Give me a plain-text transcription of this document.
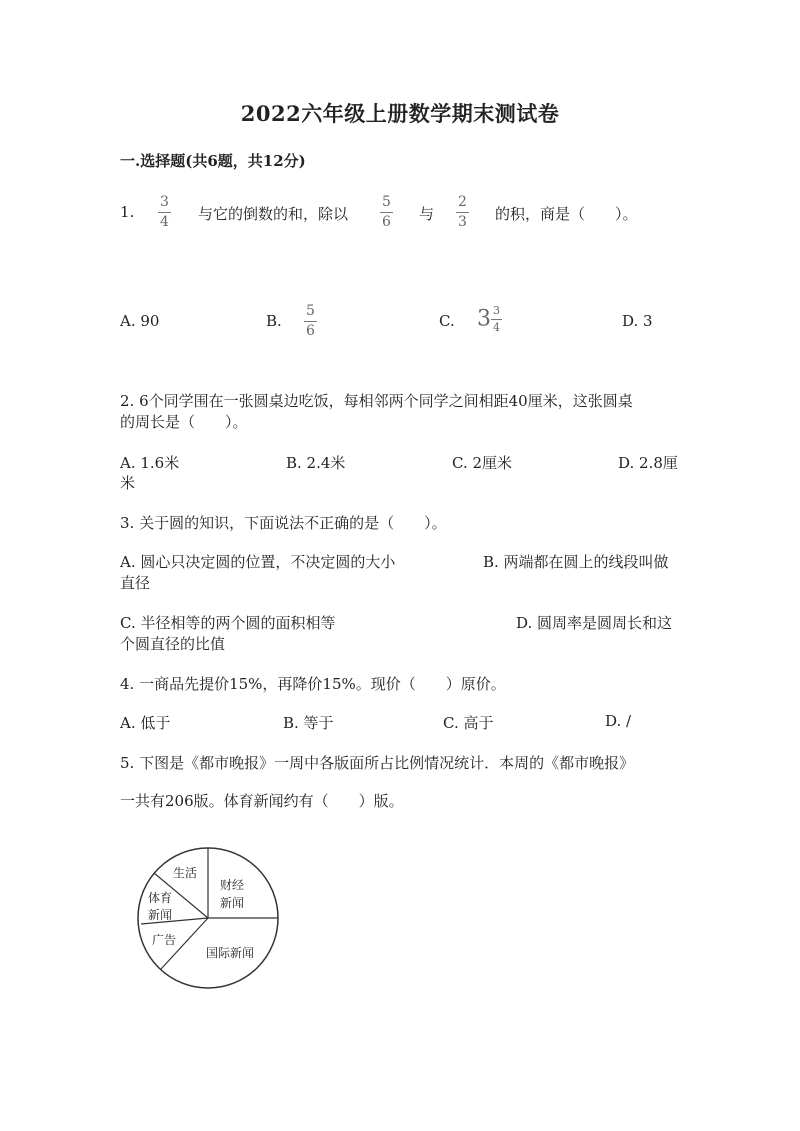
2022六年级上册数学期末测试卷
一.选择题(共6题，共12分)
1.
3
4 与它的倒数的和，除以
5
6 与
2
3 的积，商是（　　）。
A. 90	B.
5
6
C. $3 \frac{3}{4}$	D. 3
2. 6个同学围在一张圆桌边吃饭，每相邻两个同学之间相距40厘米，这张圆桌
的周长是（　　）。
A. 1.6米	B. 2.4米	C. 2厘米	D. 2.8厘
米
3. 关于圆的知识，下面说法不正确的是（　　）。
A. 圆心只决定圆的位置，不决定圆的大小	B. 两端都在圆上的线段叫做
直径
C. 半径相等的两个圆的面积相等	D. 圆周率是圆周长和这
个圆直径的比值
4. 一商品先提价15%，再降价15%。现价（　　）原价。
A. 低于	B. 等于	C. 高于	D. /
5. 下图是《都市晚报》一周中各版面所占比例情况统计．本周的《都市晚报》
一共有206版。体育新闻约有（　　）版。
生活
财经
新闻
体育
新闻
广告
国际新闻
